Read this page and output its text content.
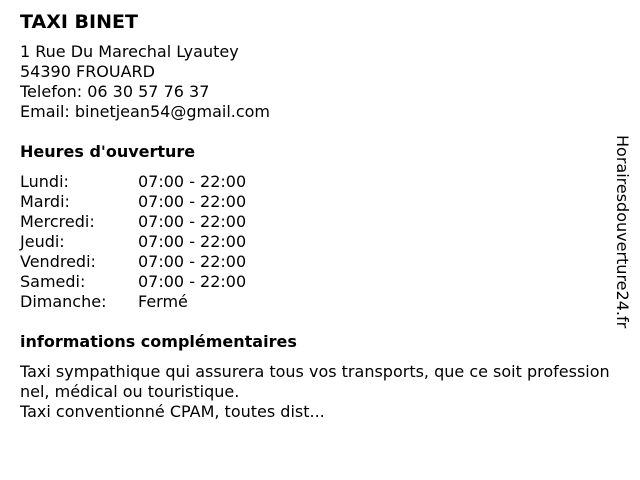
TAXI BINET

1 Rue Du Marechal Lyautey

54390 FROUARD

Telefon: 06 30 57 76 37

Email: binetjean54@gmail.com

Heures d'ouverture
Lundi:	07:00 - 22:00
Mardi:	07:00 - 22:00
Mercredi:	07:00 - 22:00
Jeudi:	07:00 - 22:00
Vendredi:	07:00 - 22:00
Samedi:	07:00 - 22:00
Dimanche:	Fermé
informations complémentaires

Taxi sympathique qui assurera tous vos transports, que ce soit professionnel, médical ou touristique.

Taxi conventionné CPAM, toutes dist...

Horairesdouverture24.fr
